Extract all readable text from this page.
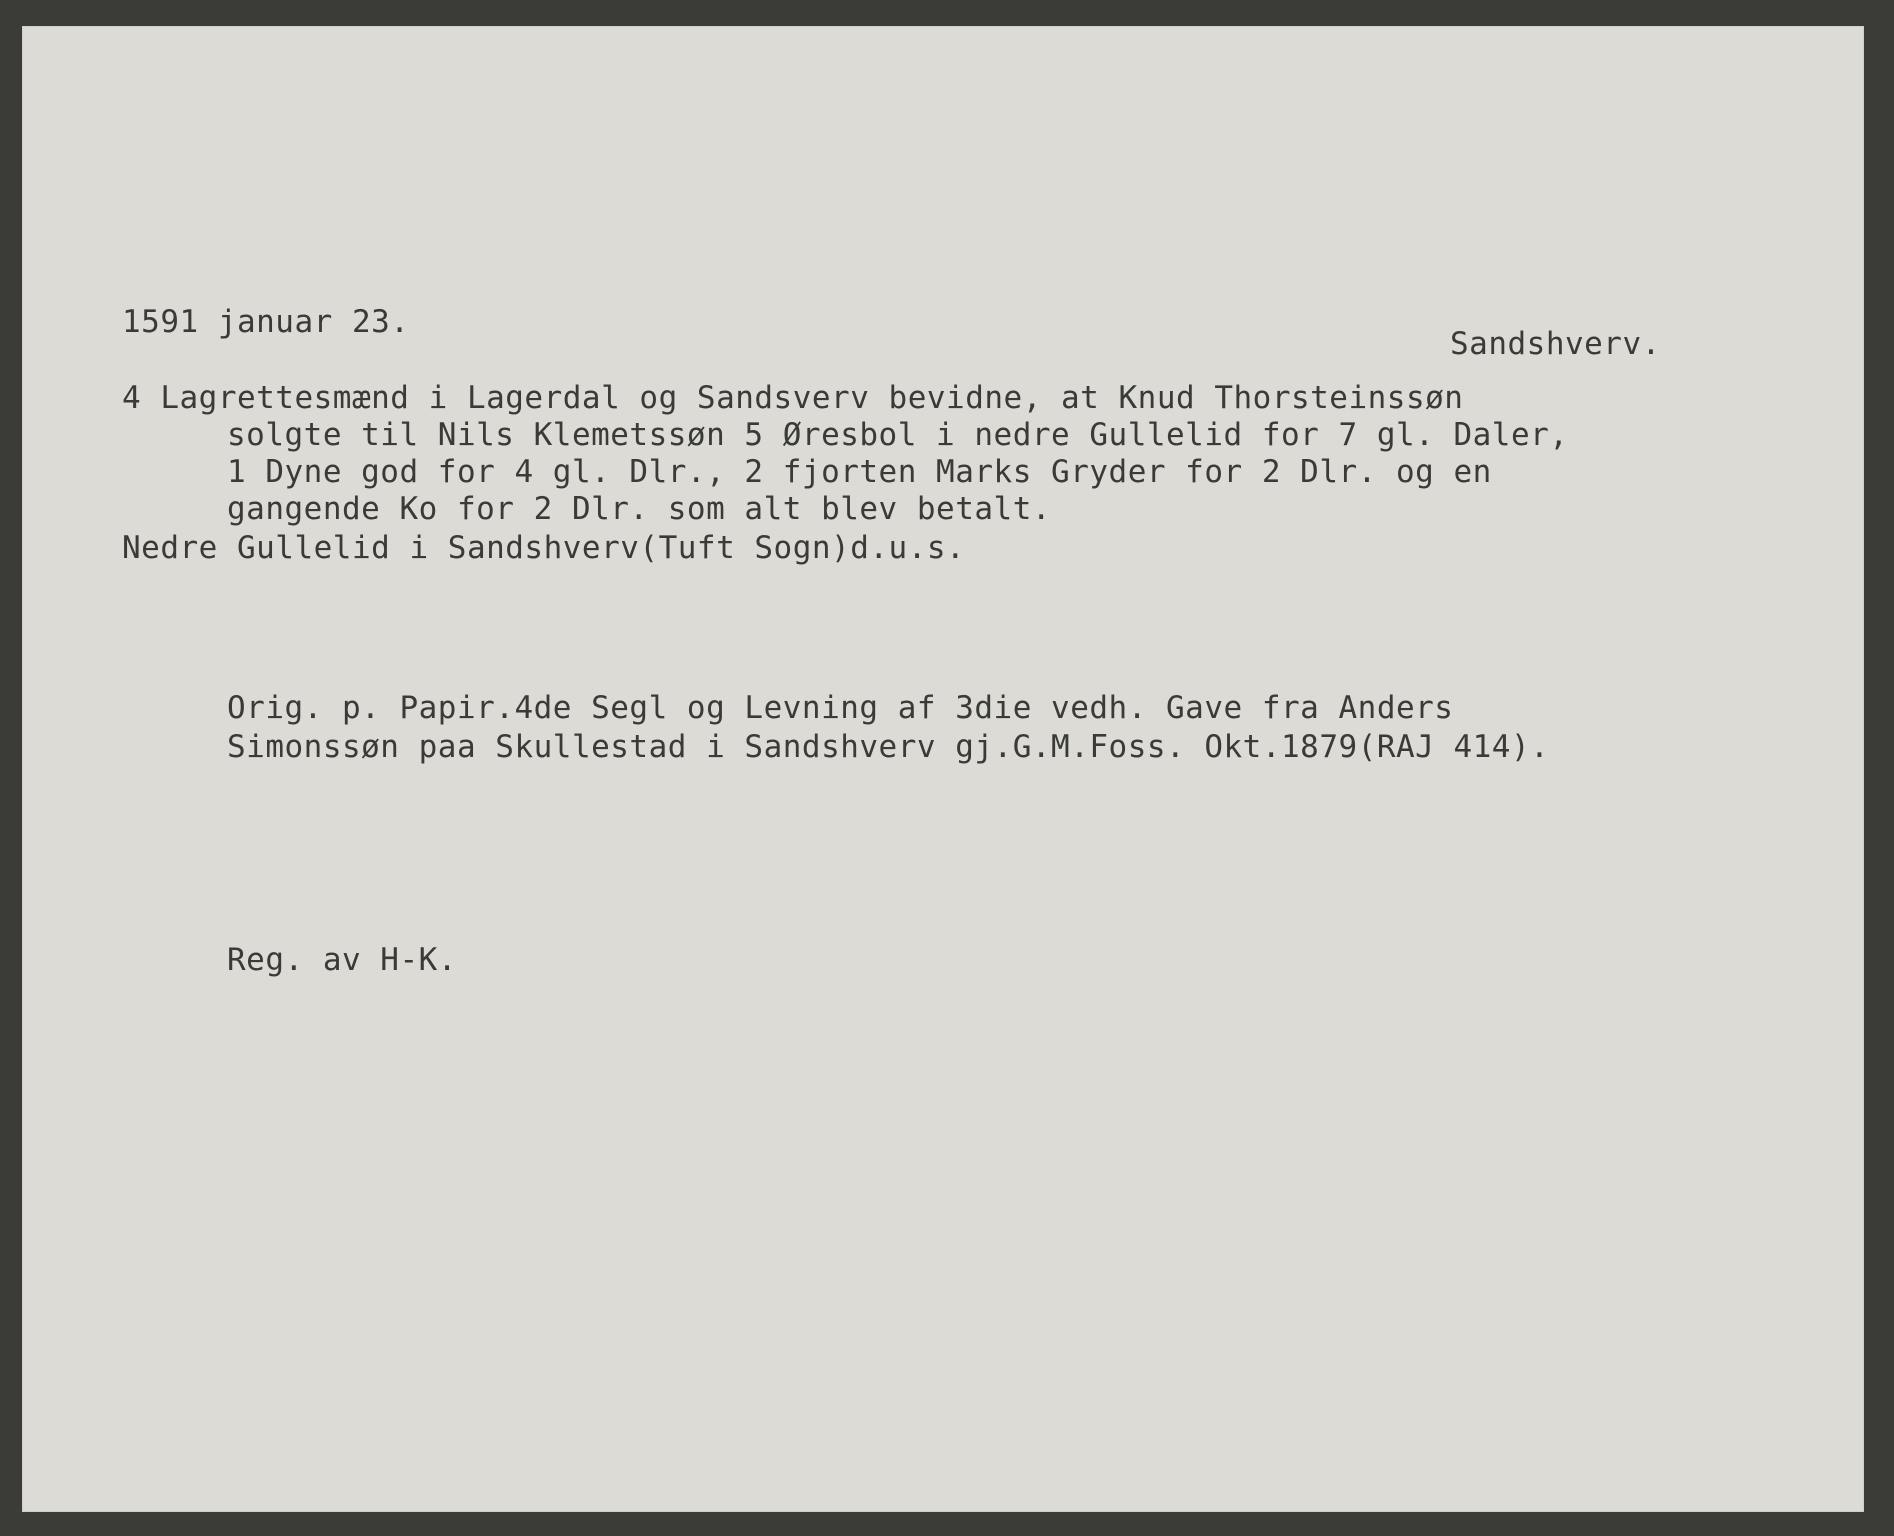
1591 januar 23.
Sandshverv.
4 Lagrettesmænd i Lagerdal og Sandsverv bevidne, at Knud Thorsteinssøn
solgte til Nils Klemetssøn 5 Øresbol i nedre Gullelid for 7 gl. Daler,
1 Dyne god for 4 gl. Dlr., 2 fjorten Marks Gryder for 2 Dlr. og en
gangende Ko for 2 Dlr. som alt blev betalt.
Nedre Gullelid i Sandshverv(Tuft Sogn)d.u.s.
Orig. p. Papir.4de Segl og Levning af 3die vedh. Gave fra Anders
Simonssøn paa Skullestad i Sandshverv gj.G.M.Foss. Okt.1879(RAJ 414).
Reg. av H-K.
